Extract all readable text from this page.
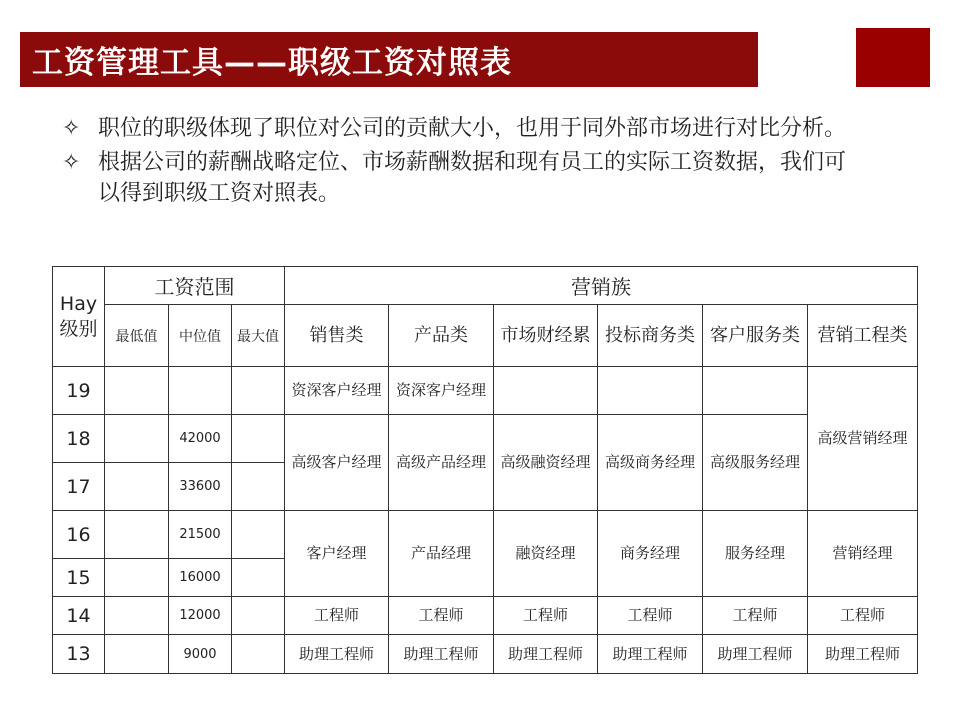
工资管理工具——职级工资对照表
✧ 职位的职级体现了职位对公司的贡献大小，也用于同外部市场进行对比分析。
✧ 根据公司的薪酬战略定位、市场薪酬数据和现有员工的实际工资数据，我们可以得到职级工资对照表。
Hay级别	工资范围			营销族					
	最低值	中位值	最大值	销售类	产品类	市场财经累	投标商务类	客户服务类	营销工程类
19				资深客户经理	资深客户经理				高级营销经理
18		42000		高级客户经理	高级产品经理	高级融资经理	高级商务经理	高级服务经理	
17		33600							
16		21500		客户经理	产品经理	融资经理	商务经理	服务经理	营销经理
15		16000							
14		12000		工程师	工程师	工程师	工程师	工程师	工程师
13		9000		助理工程师	助理工程师	助理工程师	助理工程师	助理工程师	助理工程师
